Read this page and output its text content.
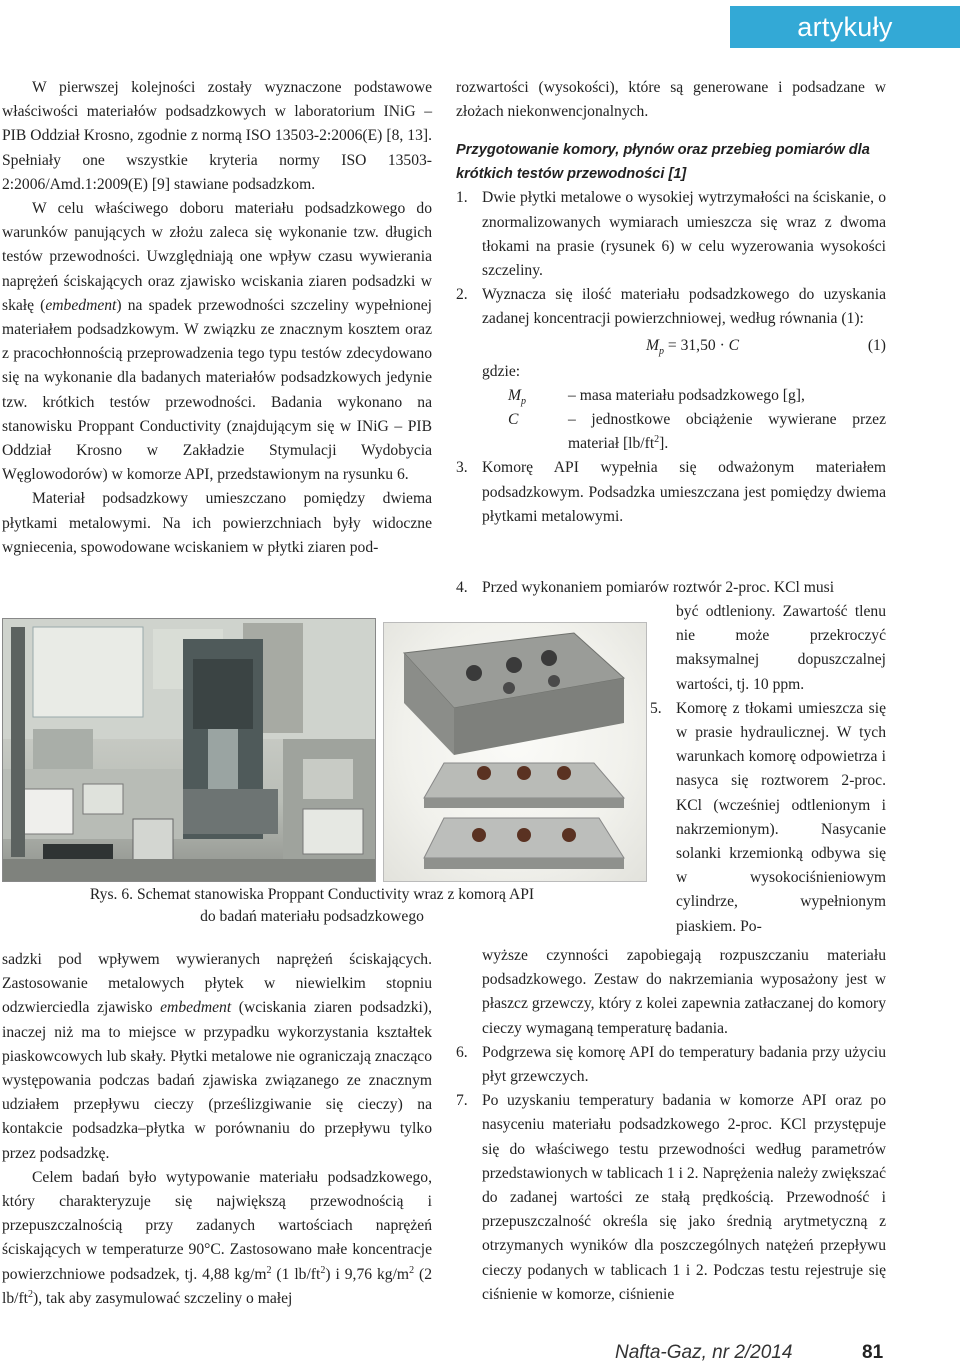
artykuły

W pierwszej kolejności zostały wyznaczone podstawowe właściwości materiałów podsadzkowych w laboratorium INiG – PIB Oddział Krosno, zgodnie z normą ISO 13503-2:2006(E) [8, 13]. Spełniały one wszystkie kryteria normy ISO 13503-2:2006/Amd.1:2009(E) [9] stawiane podsadzkom.

W celu właściwego doboru materiału podsadzkowego do warunków panujących w złożu zaleca się wykonanie tzw. długich testów przewodności. Uwzględniają one wpływ czasu wywierania naprężeń ściskających oraz zjawisko wciskania ziaren podsadzki w skałę (embedment) na spadek przewodności szczeliny wypełnionej materiałem podsadzkowym. W związku ze znacznym kosztem oraz z pracochłonnością przeprowadzenia tego typu testów zdecydowano się na wykonanie dla badanych materiałów podsadzkowych jedynie tzw. krótkich testów przewodności. Badania wykonano na stanowisku Proppant Conductivity (znajdującym się w INiG – PIB Oddział Krosno w Zakładzie Stymulacji Wydobycia Węglowodorów) w komorze API, przedstawionym na rysunku 6.

Materiał podsadzkowy umieszczano pomiędzy dwiema płytkami metalowymi. Na ich powierzchniach były widoczne wgniecenia, spowodowane wciskaniem w płytki ziaren pod-

Rys. 6. Schemat stanowiska Proppant Conductivity wraz z komorą API
do badań materiału podsadzkowego

sadzki pod wpływem wywieranych naprężeń ściskających. Zastosowanie metalowych płytek w niewielkim stopniu odzwierciedla zjawisko embedment (wciskania ziaren podsadzki), inaczej niż ma to miejsce w przypadku wykorzystania kształtek piaskowcowych lub skały. Płytki metalowe nie ograniczają znacząco występowania podczas badań zjawiska związanego ze znacznym udziałem przepływu cieczy (prześlizgiwanie się cieczy) na kontakcie podsadzka–płytka w porównaniu do przepływu tylko przez podsadzkę.

Celem badań było wytypowanie materiału podsadzkowego, który charakteryzuje się największą przewodnością i przepuszczalnością przy zadanych wartościach naprężeń ściskających w temperaturze 90°C. Zastosowano małe koncentracje powierzchniowe podsadzek, tj. 4,88 $kg/m^2$ (1 $lb/ft^2$) i 9,76 $kg/m^2$ (2 $lb/ft^2$), tak aby zasymulować szczeliny o małej

rozwartości (wysokości), które są generowane i podsadzane w złożach niekonwencjonalnych.

Przygotowanie komory, płynów oraz przebieg pomiarów dla krótkich testów przewodności [1]
1. Dwie płytki metalowe o wysokiej wytrzymałości na ściskanie, o znormalizowanych wymiarach umieszcza się wraz z dwoma tłokami na prasie (rysunek 6) w celu wyzerowania wysokości szczeliny.
2. Wyznacza się ilość materiału podsadzkowego do uzyskania zadanej koncentracji powierzchniowej, według równania (1):
$M_p = 31,50 \cdot C$	(1)
gdzie:
$M_p$	– masa materiału podsadzkowego [g],
C	– jednostkowe obciążenie wywierane przez materiał $[lb/ft^2]$.
3. Komorę API wypełnia się odważonym materiałem podsadzkowym. Podsadzka umieszczana jest pomiędzy dwiema płytkami metalowymi.
4. Przed wykonaniem pomiarów roztwór 2-proc. KCl musi
być odtleniony. Zawartość tlenu nie może przekroczyć maksymalnej dopuszczalnej wartości, tj. 10 ppm.
5. Komorę z tłokami umieszcza się w prasie hydraulicznej. W tych warunkach komorę odpowietrza i nasyca się roztworem 2-proc. KCl (wcześniej odtlenionym i nakrzemionym). Nasycanie solanki krzemionką odbywa się w wysokociśnieniowym cylindrze, wypełnionym piaskiem. Po-
wyższe czynności zapobiegają rozpuszczaniu materiału podsadzkowego. Zestaw do nakrzemiania wyposażony jest w płaszcz grzewczy, który z kolei zapewnia zatłaczanej do komory cieczy wymaganą temperaturę badania.
6. Podgrzewa się komorę API do temperatury badania przy użyciu płyt grzewczych.
7. Po uzyskaniu temperatury badania w komorze API oraz po nasyceniu materiału podsadzkowego 2-proc. KCl przystępuje się do właściwego testu przewodności według parametrów przedstawionych w tablicach 1 i 2. Naprężenia należy zwiększać do zadanej wartości ze stałą prędkością. Przewodność i przepuszczalność określa się jako średnią arytmetyczną z otrzymanych wyników dla poszczególnych natężeń przepływu cieczy podanych w tablicach 1 i 2. Podczas testu rejestruje się ciśnienie w komorze, ciśnienie
Nafta-Gaz, nr 2/2014	81
